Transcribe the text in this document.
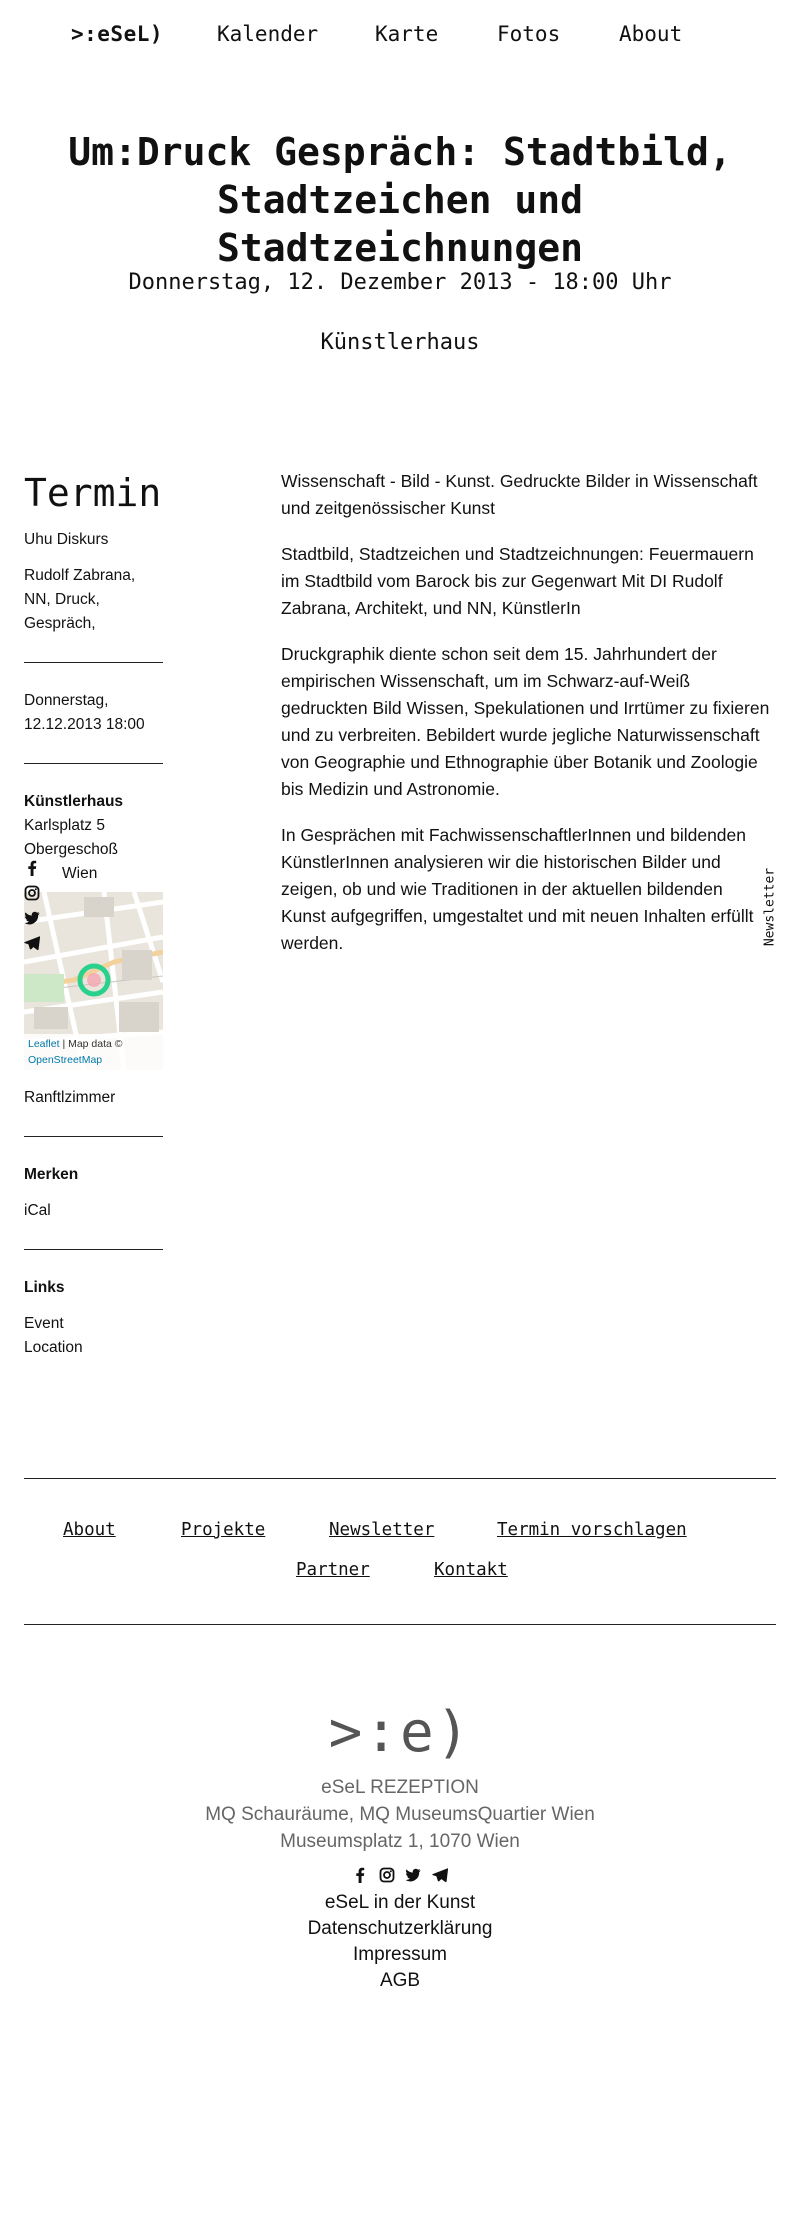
>:eSeL)	Kalender	Karte	Fotos	About
Um:Druck Gespräch: Stadtbild,
Stadtzeichen und Stadtzeichnungen
Donnerstag, 12. Dezember 2013 - 18:00 Uhr
Künstlerhaus
Termin
Uhu Diskurs
Rudolf Zabrana, NN, Druck, Gespräch,
Donnerstag,
12.12.2013 18:00
Künstlerhaus
Karlsplatz 5
Obergeschoß
Wien
Ranftlzimmer
Merken
iCal
Links
Event
Location
Leaflet | Map data ©
OpenStreetMap

Wissenschaft - Bild - Kunst. Gedruckte Bilder in Wissenschaft und zeitgenössischer Kunst

Stadtbild, Stadtzeichen und Stadtzeichnungen: Feuermauern im Stadtbild vom Barock bis zur Gegenwart Mit DI Rudolf Zabrana, Architekt, und NN, KünstlerIn

Druckgraphik diente schon seit dem 15. Jahrhundert der empirischen Wissenschaft, um im Schwarz-auf-Weiß gedruckten Bild Wissen, Spekulationen und Irrtümer zu fixieren und zu verbreiten. Bebildert wurde jegliche Naturwissenschaft von Geographie und Ethnographie über Botanik und Zoologie bis Medizin und Astronomie.

In Gesprächen mit FachwissenschaftlerInnen und bildenden KünstlerInnen analysieren wir die historischen Bilder und zeigen, ob und wie Traditionen in der aktuellen bildenden Kunst aufgegriffen, umgestaltet und mit neuen Inhalten erfüllt werden.	Newsletter
About	Projekte	Newsletter	Termin vorschlagen
Partner	Kontakt
>:e)
eSeL REZEPTION
MQ Schauräume, MQ MuseumsQuartier Wien
Museumsplatz 1, 1070 Wien

eSeL in der Kunst
Datenschutzerklärung
Impressum
AGB
